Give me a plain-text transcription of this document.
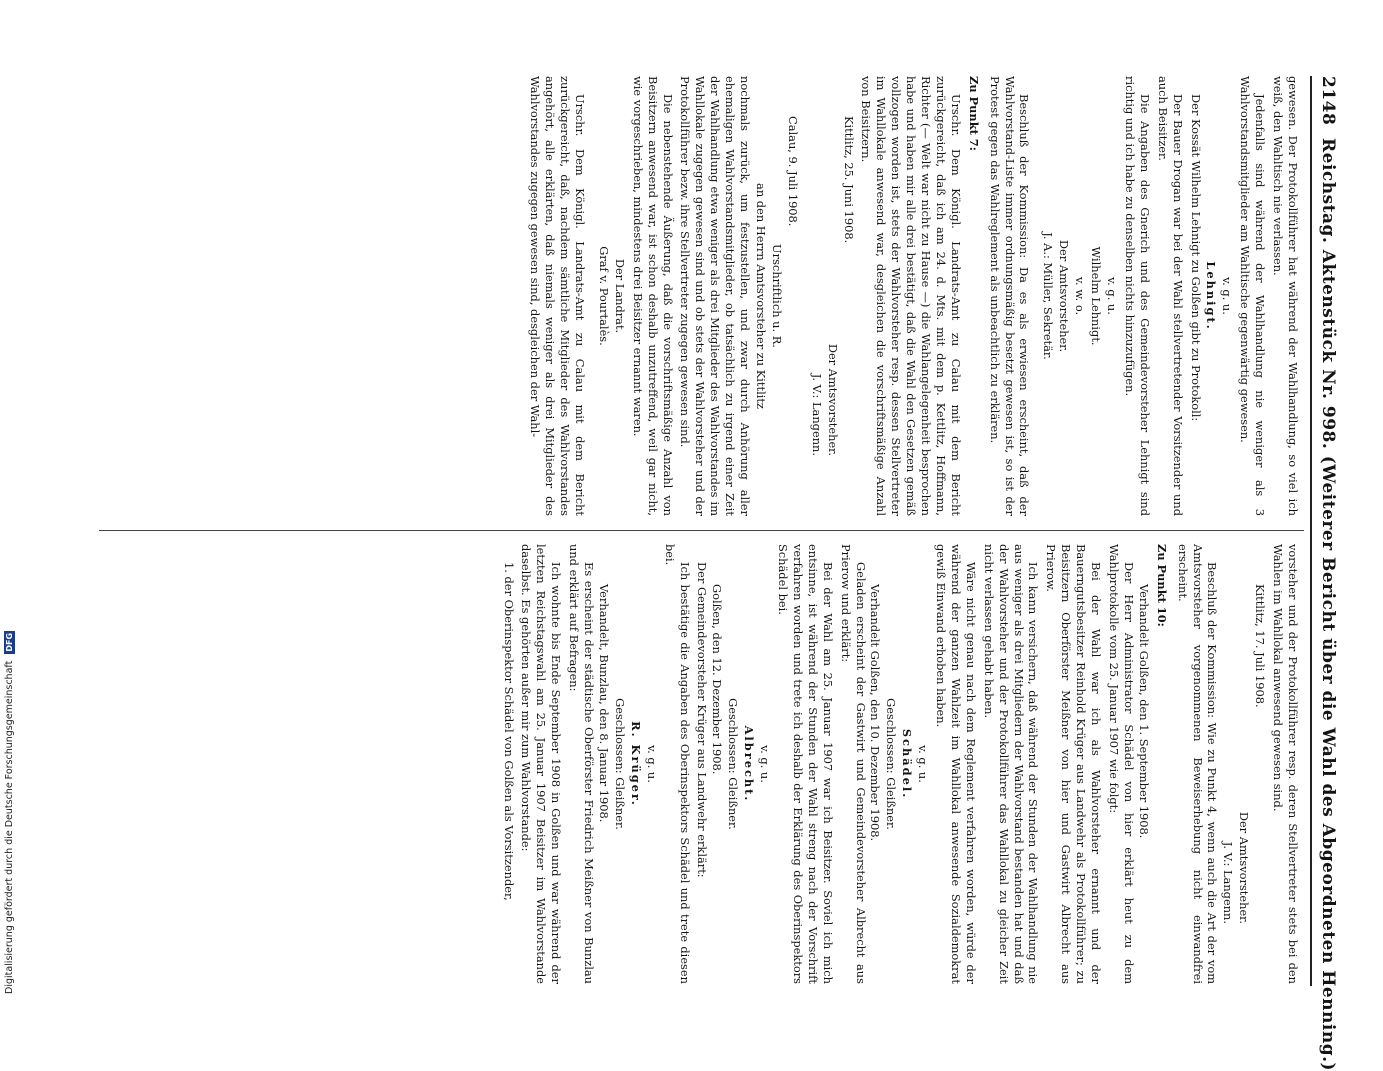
2148
Reichstag. Aktenstück Nr. 998. (Weiterer Bericht über die Wahl des Abgeordneten Henning.)

gewesen. Der Protokollführer hat während der Wahlhandlung, so viel ich weiß, den Wahltisch nie verlassen.

Jedenfalls sind während der Wahlhandlung nie weniger als 3 Wahlvorstandsmitglieder am Wahltische gegenwärtig gewesen.

v. g. u.
Lehnigt.

Der Kossät Wilhelm Lehnigt zu Golßen gibt zu Protokoll:

Der Bauer Drogan war bei der Wahl stellvertretender Vorsitzender und auch Beisitzer.

Die Angaben des Gnerich und des Gemeindevorsteher Lehnigt sind richtig und ich habe zu denselben nichts hinzuzufügen.

v. g. u.
Wilhelm Lehnigt.
v. w. o.
Der Amtsvorsteher.
J. A.: Müller, Sekretär.

Beschluß der Kommission: Da es als erwiesen erscheint, daß der Wahlvorstand-Liste immer ordnungsmäßig besetzt gewesen ist, so ist der Protest gegen das Wahlreglement als unbeachtlich zu erklären.

Zu Punkt 7:

Urschr. Dem Königl. Landrats-Amt zu Calau mit dem Bericht zurückgereicht, daß ich am 24. d. Mts. mit dem p. Kettlitz, Hoffmann, Richter (— Welt war nicht zu Hause —) die Wahlangelegenheit besprochen habe und haben mir alle drei bestätigt, daß die Wahl den Gesetzen gemäß vollzogen worden ist, stets der Wahlvorsteher resp. dessen Stellvertreter im Wahllokale anwesend war, desgleichen die vorschriftsmäßige Anzahl von Beisitzern.

Kittlitz, 25. Juni 1908.
Der Amtsvorsteher.
J. V.: Langenn.
Calau, 9. Juli 1908.
Urschriftlich u. R.
an den Herrn Amtsvorsteher zu Kittlitz

nochmals zurück, um festzustellen, und zwar durch Anhörung aller ehemaligen Wahlvorstandsmitglieder, ob tatsächlich zu irgend einer Zeit der Wahlhandlung etwa weniger als drei Mitglieder des Wahlvorstandes im Wahllokale zugegen gewesen sind und ob stets der Wahlvorsteher und der Protokollführer bezw. ihre Stellvertreter zugegen gewesen sind.

Die nebenstehende Äußerung, daß die vorschriftsmäßige Anzahl von Beisitzern anwesend war, ist schon deshalb unzutreffend, weil gar nicht, wie vorgeschrieben, mindestens drei Beisitzer ernannt waren.

Der Landrat.
Graf v. Pourtalès.

Urschr. Dem Königl. Landrats-Amt zu Calau mit dem Bericht zurückgereicht, daß, nachdem sämtliche Mitglieder des Wahlvorstandes angehört, alle erklärten, daß niemals weniger als drei Mitglieder des Wahlvorstandes zugegen gewesen sind, desgleichen der Wahl-

vorsteher und der Protokollführer resp. deren Stellvertreter stets bei den Wahlen im Wahllokal anwesend gewesen sind.

Kittlitz, 17. Juli 1908.
Der Amtsvorsteher.
J. V.: Langenn.

Beschluß der Kommission: Wie zu Punkt 4, wenn auch die Art der vom Amtsvorsteher vorgenommenen Beweiserhebung nicht einwandfrei erscheint.

Zu Punkt 10:
Verhandelt Golßen, den 1. September 1908.

Der Herr Administrator Schädel von hier erklärt heut zu dem Wahlprotokolle vom 25. Januar 1907 wie folgt:

Bei der Wahl war ich als Wahlvorsteher ernannt und der Bauerngutsbesitzer Reinhold Krüger aus Landwehr als Protokollführer; zu Beisitzern Oberförster Meißner von hier und Gastwirt Albrecht aus Prierow.

Ich kann versichern, daß während der Stunden der Wahlhandlung nie aus weniger als drei Mitgliedern der Wahlvorstand bestanden hat und daß der Wahlvorsteher und der Protokollführer das Wahllokal zu gleicher Zeit nicht verlassen gehabt haben.

Wäre nicht genau nach dem Reglement verfahren worden, würde der während der ganzen Wahlzeit im Wahllokal anwesende Sozialdemokrat gewiß Einwand erhoben haben.

v. g. u.
Schädel.
Geschlossen: Gleißner.
Verhandelt Golßen, den 10. Dezember 1908.

Geladen erscheint der Gastwirt und Gemeindevorsteher Albrecht aus Prierow und erklärt:

Bei der Wahl am 25. Januar 1907 war ich Beisitzer. Soviel ich mich entsinne, ist während der Stunden der Wahl streng nach der Vorschrift verfahren worden und trete ich deshalb der Erklärung des Oberinspektors Schädel bei.

v. g. u.
Albrecht.
Geschlossen: Gleißner.
Golßen, den 12. Dezember 1908.

Der Gemeindevorsteher Krüger aus Landwehr erklärt:

Ich bestätige die Angaben des Oberinspektors Schädel und trete diesen bei.

v. g. u.
R. Krüger.
Geschlossen: Gleißner.
Verhandelt, Bunzlau, den 8. Januar 1908.

Es erscheint der städtische Oberförster Friedrich Meißner von Bunzlau und erklärt auf Befragen:

Ich wohnte bis Ende September 1908 in Golßen und war während der letzten Reichstagswahl am 25. Januar 1907 Beisitzer im Wahlvorstande daselbst. Es gehörten außer mir zum Wahlvorstande:

1. der Oberinspektor Schädel von Golßen als Vorsitzender,

Digitalisierung gefördert durch die Deutsche Forschungsgemeinschaft DFG
